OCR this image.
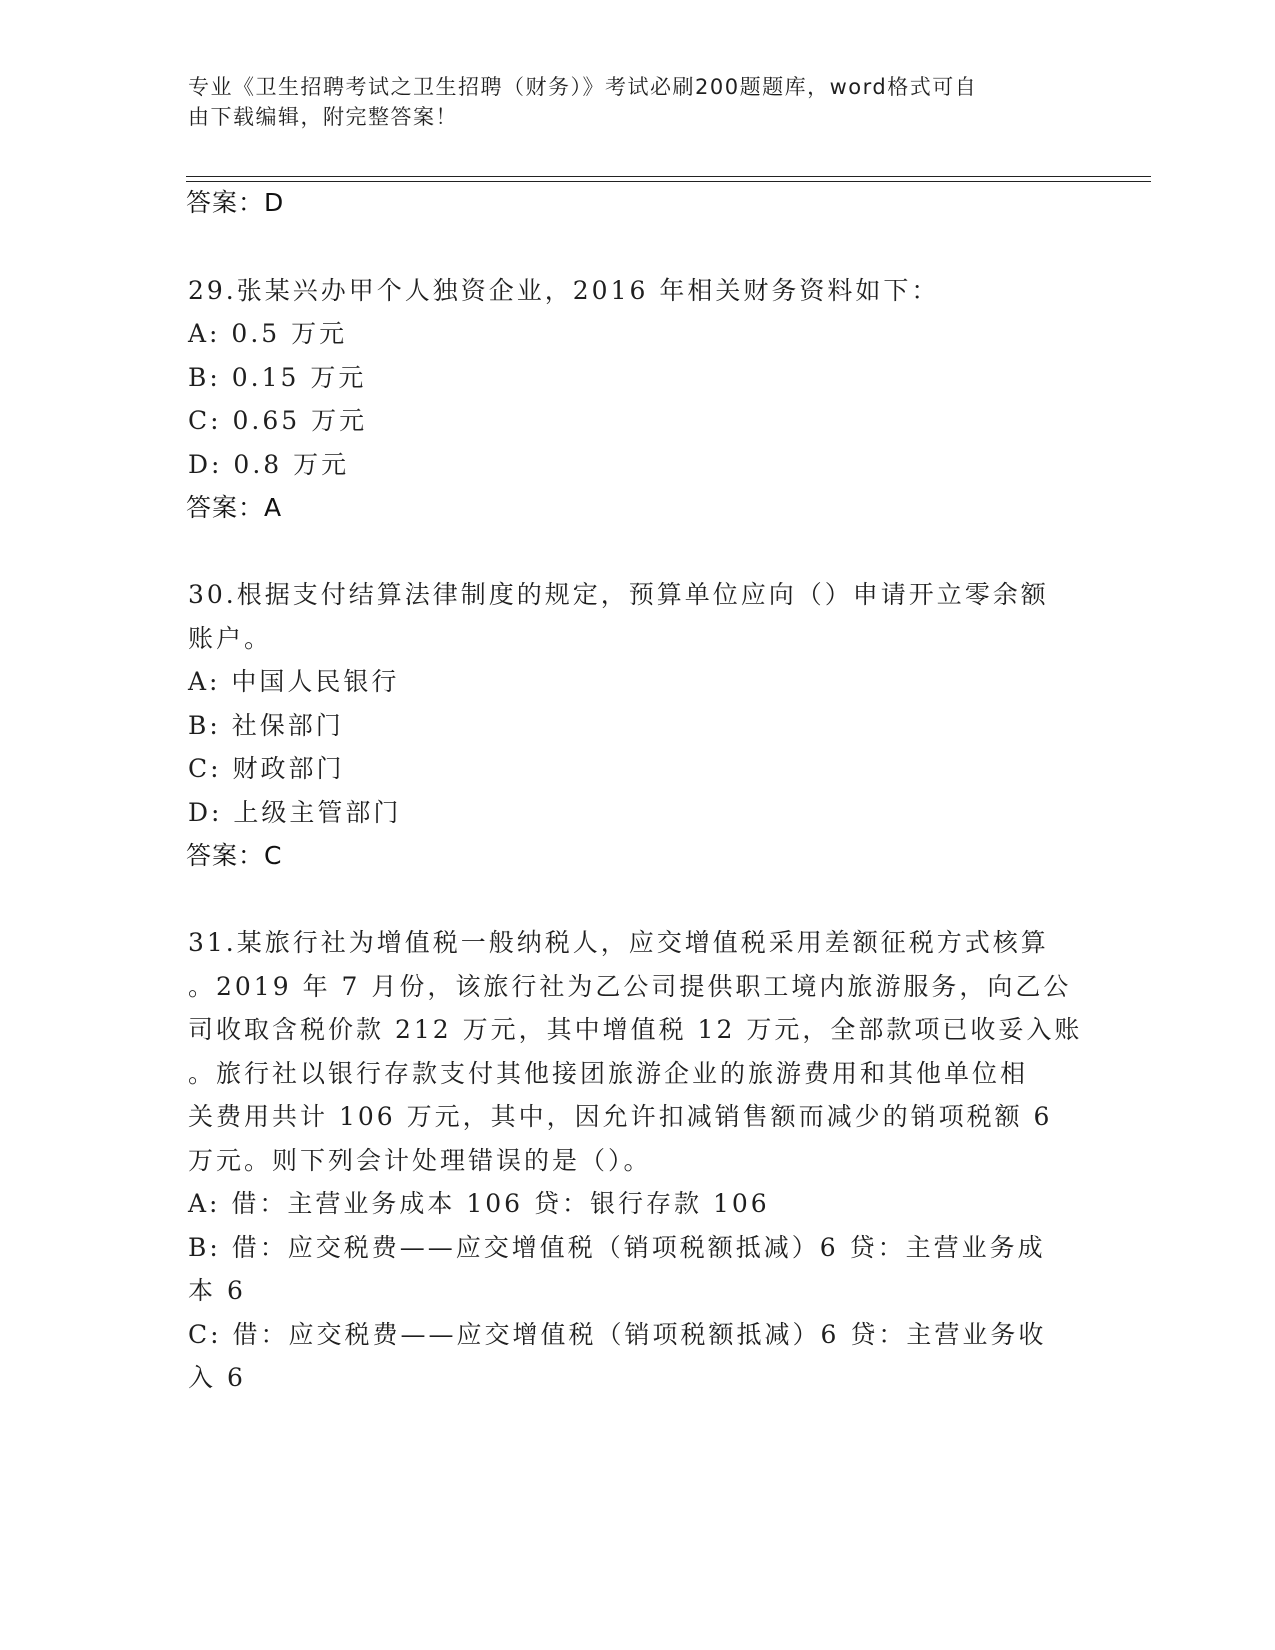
专业《卫生招聘考试之卫生招聘（财务）》考试必刷200题题库，word格式可自
由下载编辑，附完整答案！
答案：D
29.张某兴办甲个人独资企业，2016 年相关财务资料如下：
A: 0.5 万元
B: 0.15 万元
C: 0.65 万元
D: 0.8 万元
答案：A
30.根据支付结算法律制度的规定，预算单位应向（）申请开立零余额
账户。
A: 中国人民银行
B: 社保部门
C: 财政部门
D: 上级主管部门
答案：C
31.某旅行社为增值税一般纳税人，应交增值税采用差额征税方式核算
。2019 年 7 月份，该旅行社为乙公司提供职工境内旅游服务，向乙公
司收取含税价款 212 万元，其中增值税 12 万元，全部款项已收妥入账
。旅行社以银行存款支付其他接团旅游企业的旅游费用和其他单位相
关费用共计 106 万元，其中，因允许扣减销售额而减少的销项税额 6
万元。则下列会计处理错误的是（）。
A: 借：主营业务成本 106 贷：银行存款 106
B: 借：应交税费——应交增值税（销项税额抵减）6 贷：主营业务成
本 6
C: 借：应交税费——应交增值税（销项税额抵减）6 贷：主营业务收
入 6
